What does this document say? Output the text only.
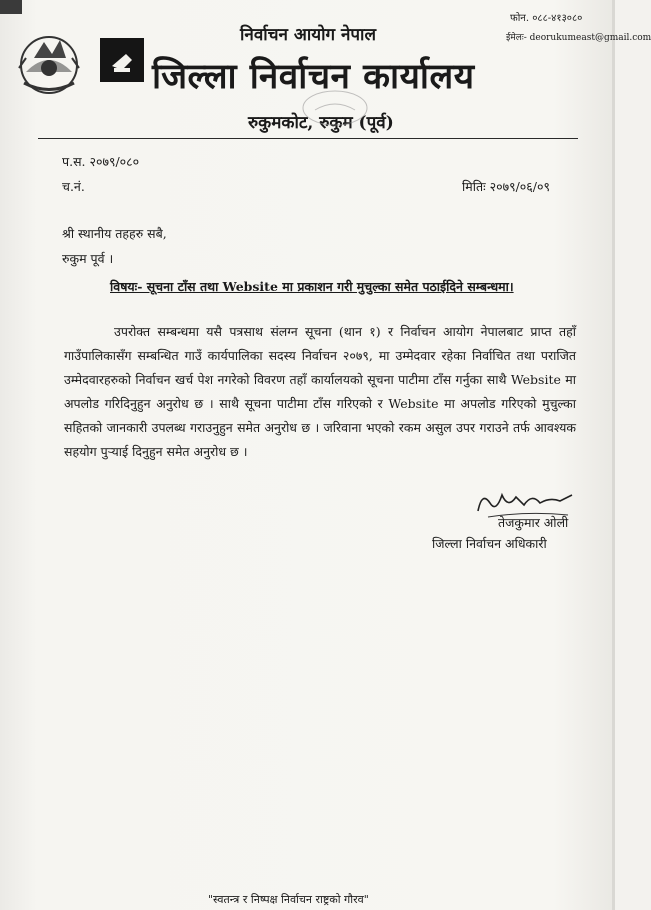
निर्वाचन आयोग नेपाल
जिल्ला निर्वाचन कार्यालय
रुकुमकोट, रुकुम (पूर्व)
फोन. ०८८-४१३०८०
ईमेलः- deorukumeast@gmail.com
प.स. २०७९/०८०
च.नं.	मितिः २०७९/०६/०९
श्री स्थानीय तहहरु सबै,
रुकुम पूर्व ।
विषयः- सूचना टाँस तथा Website मा प्रकाशन गरी मुचुल्का समेत पठाईदिने सम्बन्धमा।
उपरोक्त सम्बन्धमा यसै पत्रसाथ संलग्न सूचना (थान १) र निर्वाचन आयोग नेपालबाट प्राप्त तहाँ गाउँपालिकासँग सम्बन्धित गाउँ कार्यपालिका सदस्य निर्वाचन २०७९, मा उम्मेदवार रहेका निर्वाचित तथा पराजित उम्मेदवारहरुको निर्वाचन खर्च पेश नगरेको विवरण तहाँ कार्यालयको सूचना पाटीमा टाँस गर्नुका साथै Website मा अपलोड गरिदिनुहुन अनुरोध छ । साथै सूचना पाटीमा टाँस गरिएको र Website मा अपलोड गरिएको मुचुल्का सहितको जानकारी उपलब्ध गराउनुहुन समेत अनुरोध छ । जरिवाना भएको रकम असुल उपर गराउने तर्फ आवश्यक सहयोग पुऱ्याई दिनुहुन समेत अनुरोध छ ।
तेजकुमार ओली
जिल्ला निर्वाचन अधिकारी
"स्वतन्त्र र निष्पक्ष निर्वाचन राष्ट्रको गौरव"
